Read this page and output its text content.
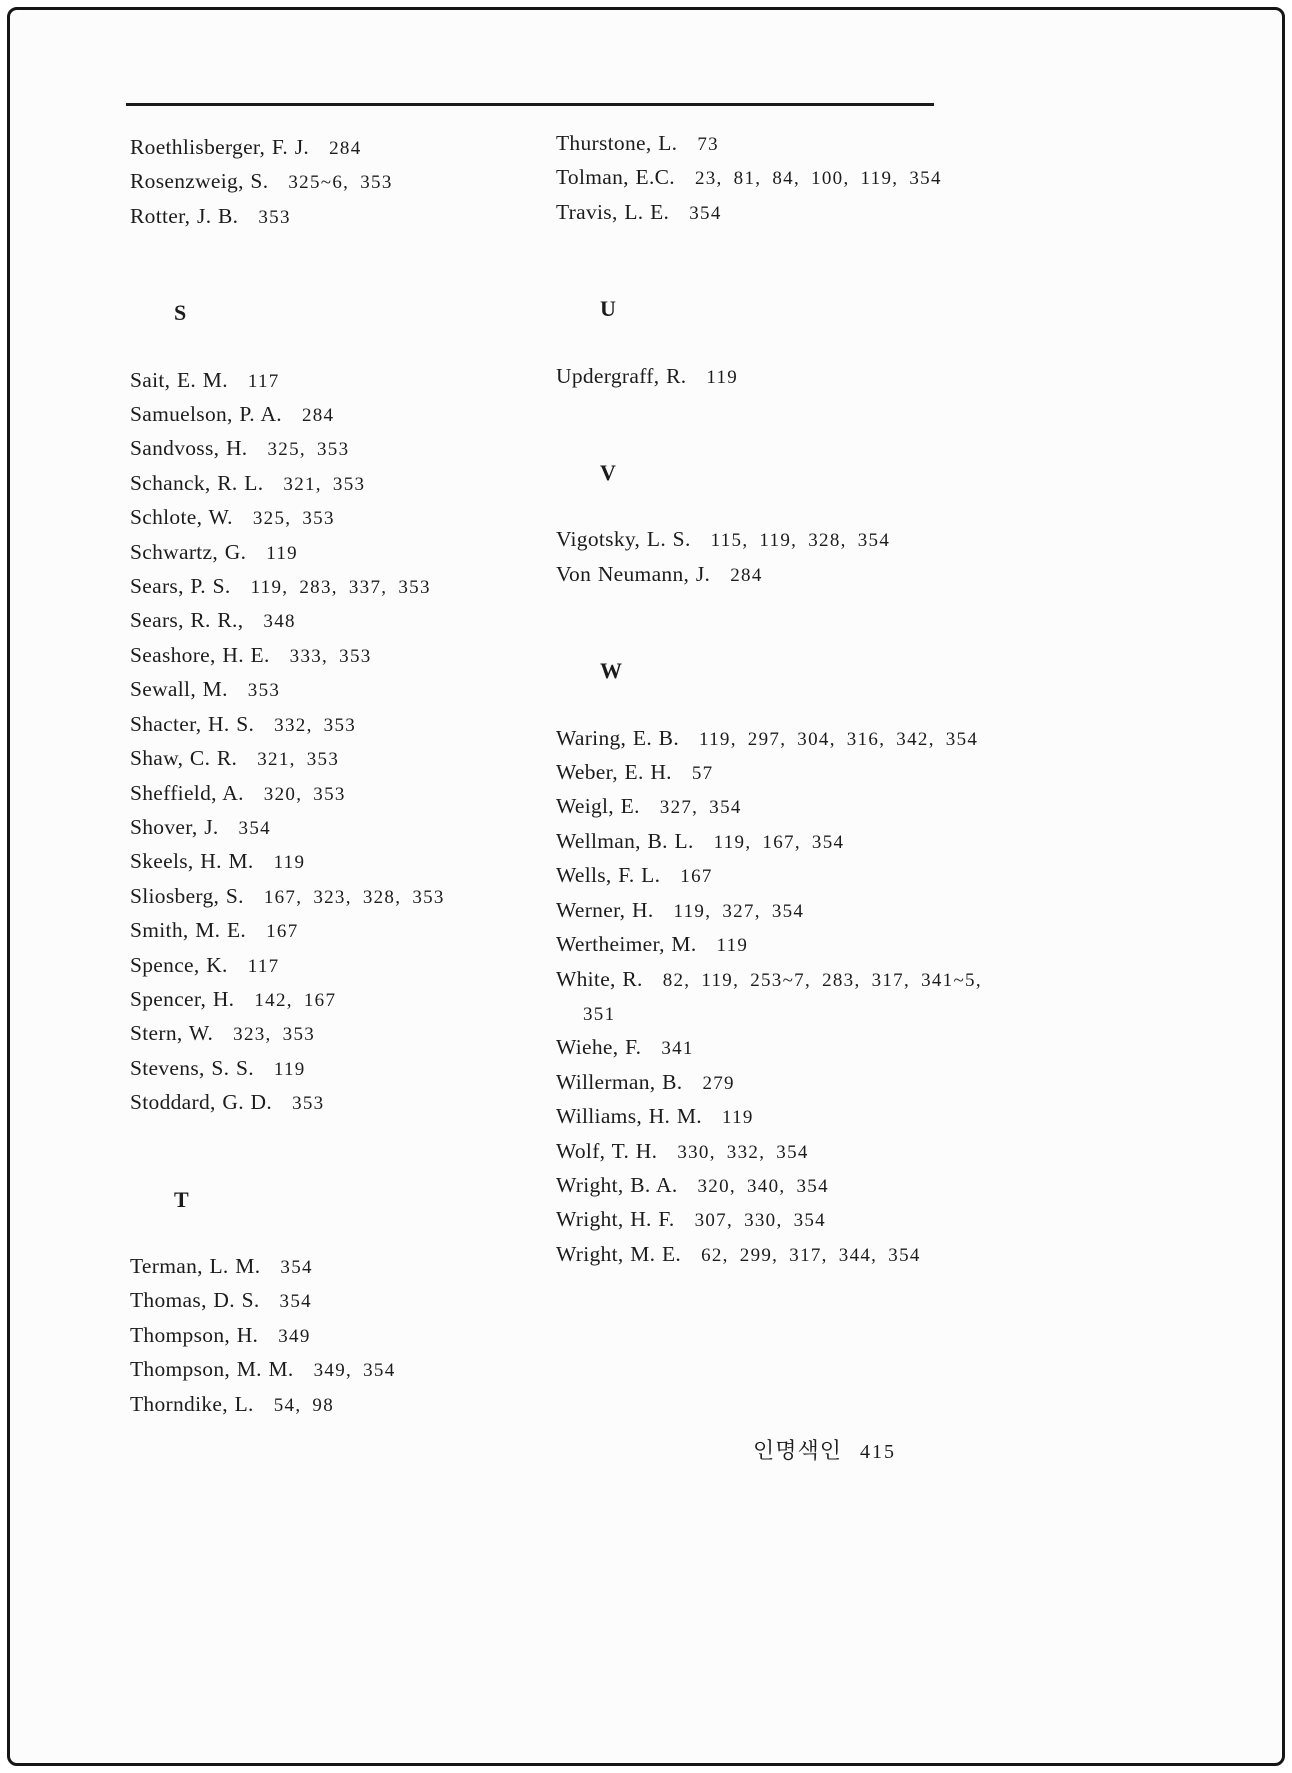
Roethlisberger, F. J. 284
Rosenzweig, S. 325~6, 353
Rotter, J. B. 353
S
Sait, E. M. 117
Samuelson, P. A. 284
Sandvoss, H. 325, 353
Schanck, R. L. 321, 353
Schlote, W. 325, 353
Schwartz, G. 119
Sears, P. S. 119, 283, 337, 353
Sears, R. R., 348
Seashore, H. E. 333, 353
Sewall, M. 353
Shacter, H. S. 332, 353
Shaw, C. R. 321, 353
Sheffield, A. 320, 353
Shover, J. 354
Skeels, H. M. 119
Sliosberg, S. 167, 323, 328, 353
Smith, M. E. 167
Spence, K. 117
Spencer, H. 142, 167
Stern, W. 323, 353
Stevens, S. S. 119
Stoddard, G. D. 353
T
Terman, L. M. 354
Thomas, D. S. 354
Thompson, H. 349
Thompson, M. M. 349, 354
Thorndike, L. 54, 98
Thurstone, L. 73
Tolman, E.C. 23, 81, 84, 100, 119, 354
Travis, L. E. 354
U
Updergraff, R. 119
V
Vigotsky, L. S. 115, 119, 328, 354
Von Neumann, J. 284
W
Waring, E. B. 119, 297, 304, 316, 342, 354
Weber, E. H. 57
Weigl, E. 327, 354
Wellman, B. L. 119, 167, 354
Wells, F. L. 167
Werner, H. 119, 327, 354
Wertheimer, M. 119
White, R. 82, 119, 253~7, 283, 317, 341~5, 351
Wiehe, F. 341
Willerman, B. 279
Williams, H. M. 119
Wolf, T. H. 330, 332, 354
Wright, B. A. 320, 340, 354
Wright, H. F. 307, 330, 354
Wright, M. E. 62, 299, 317, 344, 354
인명색인 415
